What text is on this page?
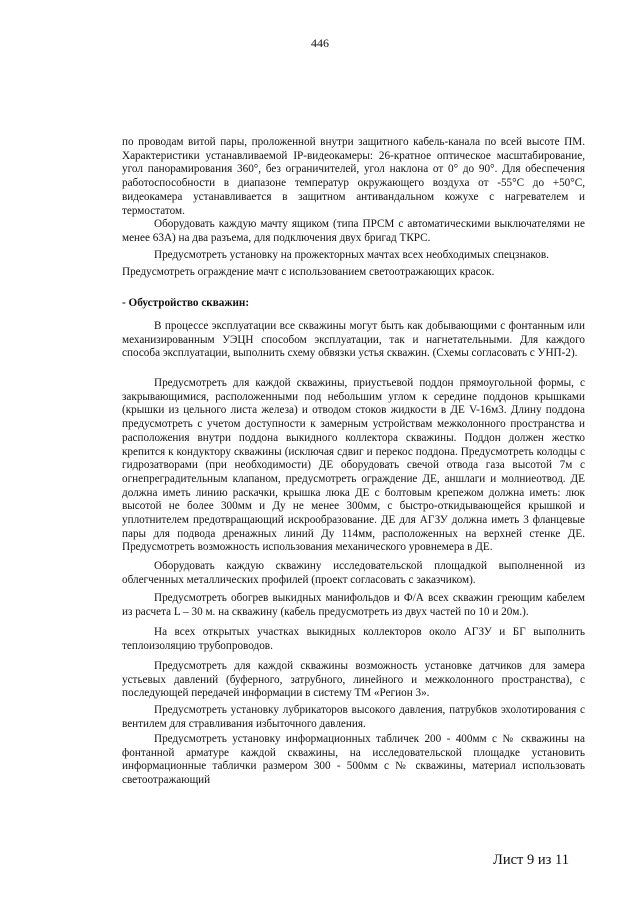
446

по проводам витой пары, проложенной внутри защитного кабель-канала по всей высоте ПМ. Характеристики устанавливаемой IP-видеокамеры: 26-кратное оптическое масштабирование, угол панорамирования 360°, без ограничителей, угол наклона от 0° до 90°. Для обеспечения работоспособности в диапазоне температур окружающего воздуха от -55°С до +50°С, видеокамера устанавливается в защитном антивандальном кожухе с нагревателем и термостатом.

Оборудовать каждую мачту ящиком (типа ПРСМ с автоматическими выключателями не менее 63А) на два разъема, для подключения двух бригад ТКРС.

Предусмотреть установку на прожекторных мачтах всех необходимых спецзнаков.

Предусмотреть ограждение мачт с использованием светоотражающих красок.

- Обустройство скважин:

В процессе эксплуатации все скважины могут быть как добывающими с фонтанным или механизированным УЭЦН способом эксплуатации, так и нагнетательными. Для каждого способа эксплуатации, выполнить схему обвязки устья скважин. (Схемы согласовать с УНП-2).

Предусмотреть для каждой скважины, приустьевой поддон прямоугольной формы, с закрывающимися, расположенными под небольшим углом к середине поддонов крышками (крышки из цельного листа железа) и отводом стоков жидкости в ДЕ V-16м3. Длину поддона предусмотреть с учетом доступности к замерным устройствам межколонного пространства и расположения внутри поддона выкидного коллектора скважины. Поддон должен жестко крепится к кондуктору скважины (исключая сдвиг и перекос поддона. Предусмотреть колодцы с гидрозатворами (при необходимости) ДЕ оборудовать свечой отвода газа высотой 7м с огнепреградительным клапаном, предусмотреть ограждение ДЕ, аншлаги и молниеотвод. ДЕ должна иметь линию раскачки, крышка люка ДЕ с болтовым крепежом должна иметь: люк высотой не более 300мм и Ду не менее 300мм, с быстро-откидывающейся крышкой и уплотнителем предотвращающий искрообразование. ДЕ для АГЗУ должна иметь 3 фланцевые пары для подвода дренажных линий Ду 114мм, расположенных на верхней стенке ДЕ. Предусмотреть возможность использования механического уровнемера в ДЕ.

Оборудовать каждую скважину исследовательской площадкой выполненной из облегченных металлических профилей (проект согласовать с заказчиком).

Предусмотреть обогрев выкидных манифольдов и Ф/А всех скважин греющим кабелем из расчета L – 30 м. на скважину (кабель предусмотреть из двух частей по 10 и 20м.).

На всех открытых участках выкидных коллекторов около АГЗУ и БГ выполнить теплоизоляцию трубопроводов.

Предусмотреть для каждой скважины возможность установке датчиков для замера устьевых давлений (буферного, затрубного, линейного и межколонного пространства), с последующей передачей информации в систему ТМ «Регион 3».

Предусмотреть установку лубрикаторов высокого давления, патрубков эхолотирования с вентилем для стравливания избыточного давления.

Предусмотреть установку информационных табличек 200 - 400мм с № скважины на фонтанной арматуре каждой скважины, на исследовательской площадке установить информационные таблички размером 300 - 500мм с № скважины, материал использовать светоотражающий

Лист 9 из 11
